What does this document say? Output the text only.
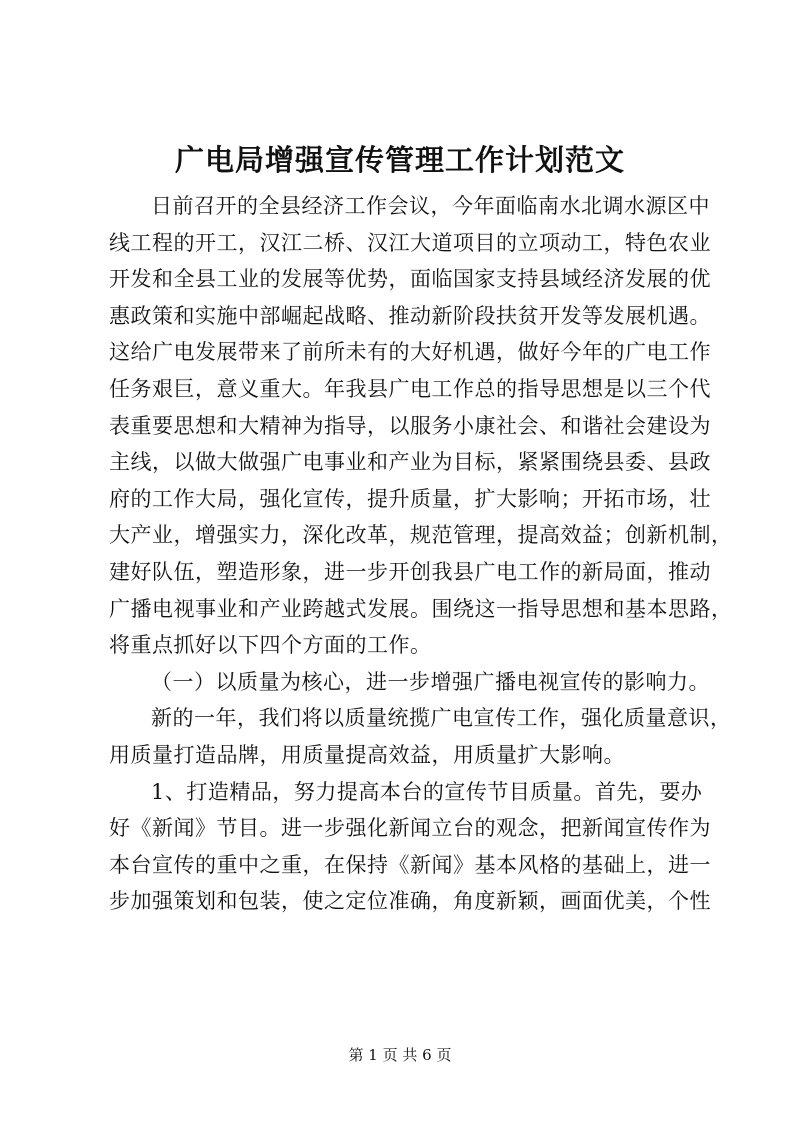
广电局增强宣传管理工作计划范文
日前召开的全县经济工作会议，今年面临南水北调水源区中
线工程的开工，汉江二桥、汉江大道项目的立项动工，特色农业
开发和全县工业的发展等优势，面临国家支持县域经济发展的优
惠政策和实施中部崛起战略、推动新阶段扶贫开发等发展机遇。
这给广电发展带来了前所未有的大好机遇，做好今年的广电工作
任务艰巨，意义重大。年我县广电工作总的指导思想是以三个代
表重要思想和大精神为指导，以服务小康社会、和谐社会建设为
主线，以做大做强广电事业和产业为目标，紧紧围绕县委、县政
府的工作大局，强化宣传，提升质量，扩大影响；开拓市场，壮
大产业，增强实力，深化改革，规范管理，提高效益；创新机制，
建好队伍，塑造形象，进一步开创我县广电工作的新局面，推动
广播电视事业和产业跨越式发展。围绕这一指导思想和基本思路，
将重点抓好以下四个方面的工作。
（一）以质量为核心，进一步增强广播电视宣传的影响力。
新的一年，我们将以质量统揽广电宣传工作，强化质量意识，
用质量打造品牌，用质量提高效益，用质量扩大影响。
1、打造精品，努力提高本台的宣传节目质量。首先，要办
好《新闻》节目。进一步强化新闻立台的观念，把新闻宣传作为
本台宣传的重中之重，在保持《新闻》基本风格的基础上，进一
步加强策划和包装，使之定位准确，角度新颖，画面优美，个性
第 1 页 共 6 页
